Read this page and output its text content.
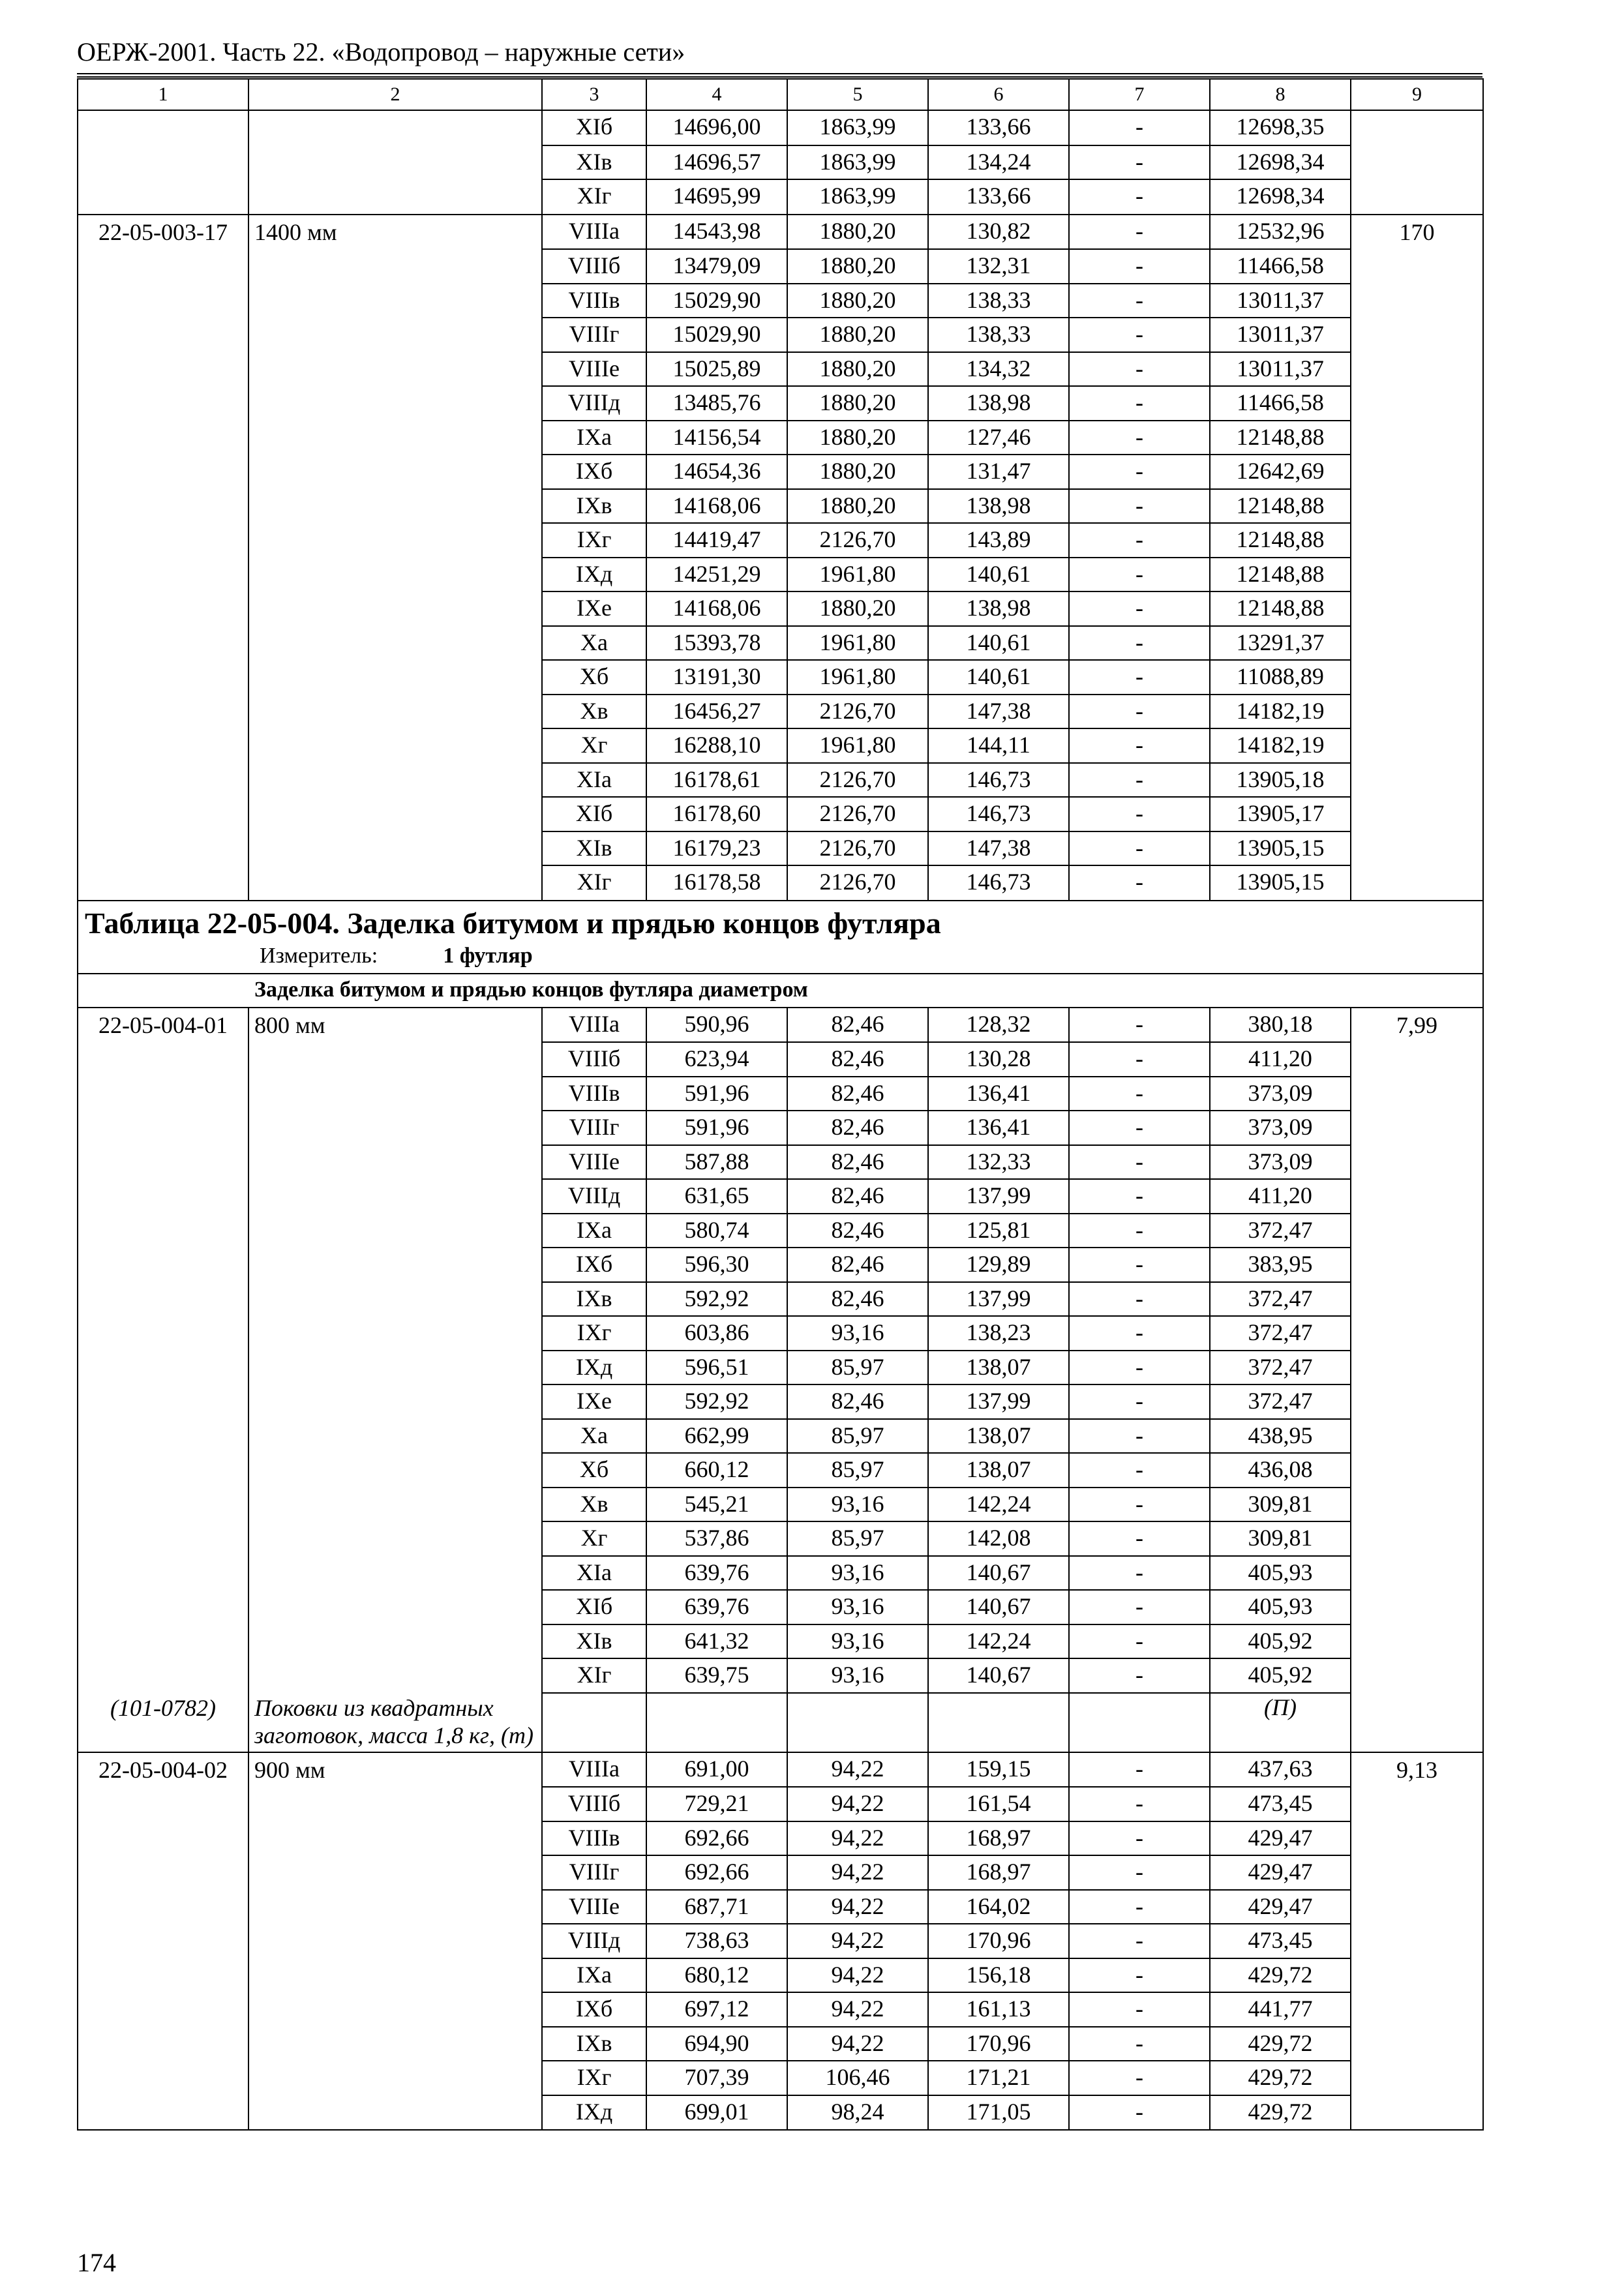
ОЕРЖ-2001. Часть 22. «Водопровод – наружные сети»
1	2	3	4	5	6	7	8	9
		XIб	14696,00	1863,99	133,66	-	12698,35	
		XIв	14696,57	1863,99	134,24	-	12698,34	
		XIг	14695,99	1863,99	133,66	-	12698,34	
22-05-003-17	1400 мм	VIIIа	14543,98	1880,20	130,82	-	12532,96	170
		VIIIб	13479,09	1880,20	132,31	-	11466,58	
		VIIIв	15029,90	1880,20	138,33	-	13011,37	
		VIIIг	15029,90	1880,20	138,33	-	13011,37	
		VIIIе	15025,89	1880,20	134,32	-	13011,37	
		VIIIд	13485,76	1880,20	138,98	-	11466,58	
		IXа	14156,54	1880,20	127,46	-	12148,88	
		IXб	14654,36	1880,20	131,47	-	12642,69	
		IXв	14168,06	1880,20	138,98	-	12148,88	
		IXг	14419,47	2126,70	143,89	-	12148,88	
		IXд	14251,29	1961,80	140,61	-	12148,88	
		IXе	14168,06	1880,20	138,98	-	12148,88	
		Xа	15393,78	1961,80	140,61	-	13291,37	
		Xб	13191,30	1961,80	140,61	-	11088,89	
		Xв	16456,27	2126,70	147,38	-	14182,19	
		Xг	16288,10	1961,80	144,11	-	14182,19	
		XIа	16178,61	2126,70	146,73	-	13905,18	
		XIб	16178,60	2126,70	146,73	-	13905,17	
		XIв	16179,23	2126,70	147,38	-	13905,15	
		XIг	16178,58	2126,70	146,73	-	13905,15	

Таблица 22-05-004. Заделка битумом и прядью концов футляра
Измеритель: 1 футляр								

Заделка битумом и прядью концов футляра диаметром								
22-05-004-01	800 мм	VIIIа	590,96	82,46	128,32	-	380,18	7,99
		VIIIб	623,94	82,46	130,28	-	411,20	
		VIIIв	591,96	82,46	136,41	-	373,09	
		VIIIг	591,96	82,46	136,41	-	373,09	
		VIIIе	587,88	82,46	132,33	-	373,09	
		VIIIд	631,65	82,46	137,99	-	411,20	
		IXа	580,74	82,46	125,81	-	372,47	
		IXб	596,30	82,46	129,89	-	383,95	
		IXв	592,92	82,46	137,99	-	372,47	
		IXг	603,86	93,16	138,23	-	372,47	
		IXд	596,51	85,97	138,07	-	372,47	
		IXе	592,92	82,46	137,99	-	372,47	
		Xа	662,99	85,97	138,07	-	438,95	
		Xб	660,12	85,97	138,07	-	436,08	
		Xв	545,21	93,16	142,24	-	309,81	
		Xг	537,86	85,97	142,08	-	309,81	
		XIа	639,76	93,16	140,67	-	405,93	
		XIб	639,76	93,16	140,67	-	405,93	
		XIв	641,32	93,16	142,24	-	405,92	
		XIг	639,75	93,16	140,67	-	405,92	
(101-0782)	Поковки из квадратных заготовок, масса 1,8 кг, (т)						(П)	
22-05-004-02	900 мм	VIIIа	691,00	94,22	159,15	-	437,63	9,13
		VIIIб	729,21	94,22	161,54	-	473,45	
		VIIIв	692,66	94,22	168,97	-	429,47	
		VIIIг	692,66	94,22	168,97	-	429,47	
		VIIIе	687,71	94,22	164,02	-	429,47	
		VIIIд	738,63	94,22	170,96	-	473,45	
		IXа	680,12	94,22	156,18	-	429,72	
		IXб	697,12	94,22	161,13	-	441,77	
		IXв	694,90	94,22	170,96	-	429,72	
		IXг	707,39	106,46	171,21	-	429,72	
		IXд	699,01	98,24	171,05	-	429,72	
174
